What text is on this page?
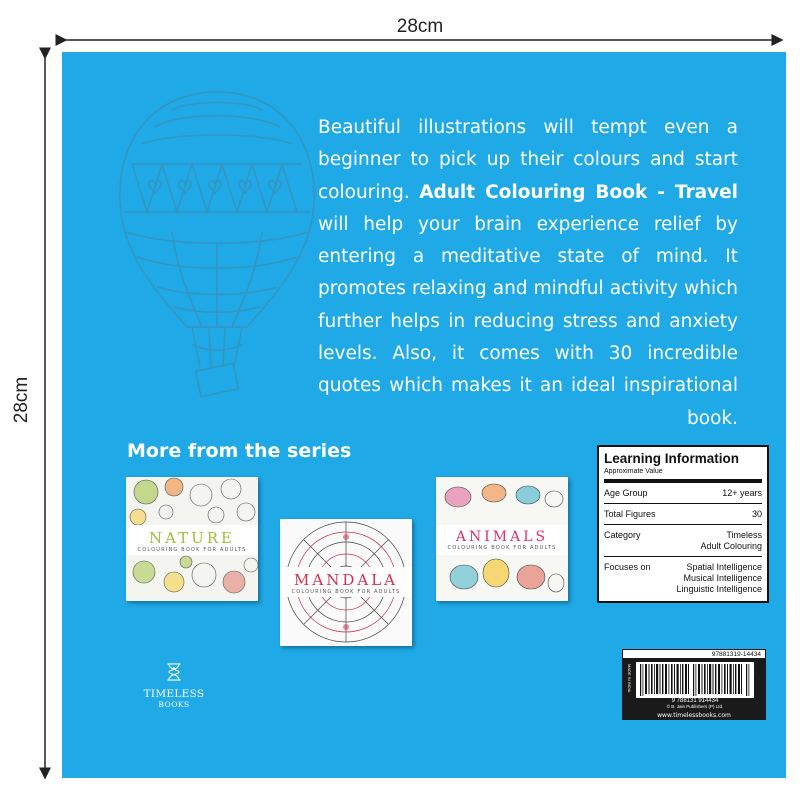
28cm
28cm

Beautiful illustrations will tempt even a beginner to pick up their colours and start colouring. Adult Colouring Book - Travel will help your brain experience relief by entering a meditative state of mind. It promotes relaxing and mindful activity which further helps in reducing stress and anxiety levels. Also, it comes with 30 incredible quotes which makes it an ideal inspirational book.

More from the series
NATURE
COLOURING BOOK FOR ADULTS
MANDALA
COLOURING BOOK FOR ADULTS
ANIMALS
COLOURING BOOK FOR ADULTS
Learning Information
Approximate Value
Age Group	12+ years
Total Figures	30
Category	Timeless
Adult Colouring
Focuses on	Spatial Intelligence
Musical Intelligence
Linguistic Intelligence
97881319-14434
9 788131 914434
© B. Jain Publishers (P) Ltd.
MADE IN INDIA	BN3036
www.timelessbooks.com
TIMELESS
BOOKS
